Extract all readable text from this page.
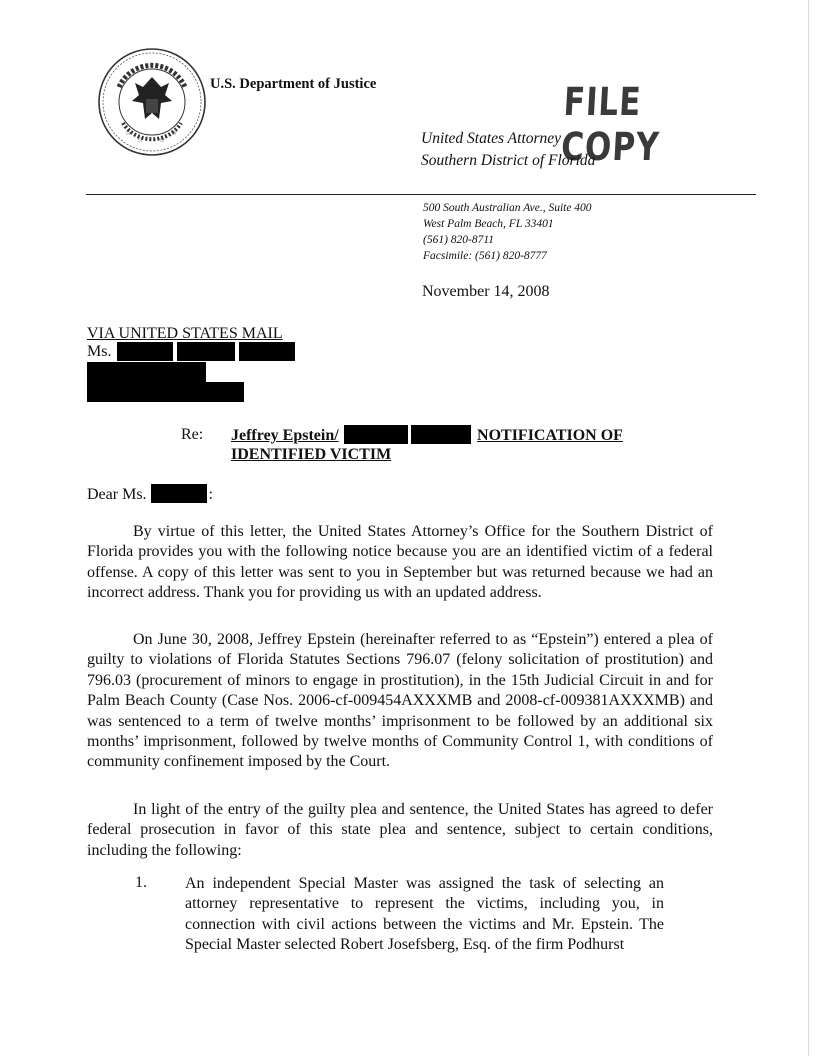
☆	☆
☆ ☆
U.S. Department of Justice	FILE COPY
United States Attorney
Southern District of Florida
500 South Australian Ave., Suite 400
West Palm Beach, FL 33401
(561) 820-8711
Facsimile: (561) 820-8777
November 14, 2008
VIA UNITED STATES MAIL
Ms.
Re: Jeffrey Epstein/	NOTIFICATION OF
IDENTIFIED VICTIM
Dear Ms.	:
By virtue of this letter, the United States Attorney’s Office for the Southern District of Florida provides you with the following notice because you are an identified victim of a federal offense. A copy of this letter was sent to you in September but was returned because we had an incorrect address. Thank you for providing us with an updated address.
On June 30, 2008, Jeffrey Epstein (hereinafter referred to as “Epstein”) entered a plea of guilty to violations of Florida Statutes Sections 796.07 (felony solicitation of prostitution) and 796.03 (procurement of minors to engage in prostitution), in the 15th Judicial Circuit in and for Palm Beach County (Case Nos. 2006-cf-009454AXXXMB and 2008-cf-009381AXXXMB) and was sentenced to a term of twelve months’ imprisonment to be followed by an additional six months’ imprisonment, followed by twelve months of Community Control 1, with conditions of community confinement imposed by the Court.
In light of the entry of the guilty plea and sentence, the United States has agreed to defer federal prosecution in favor of this state plea and sentence, subject to certain conditions, including the following:
1. An independent Special Master was assigned the task of selecting an attorney representative to represent the victims, including you, in connection with civil actions between the victims and Mr. Epstein. The Special Master selected Robert Josefsberg, Esq. of the firm Podhurst
